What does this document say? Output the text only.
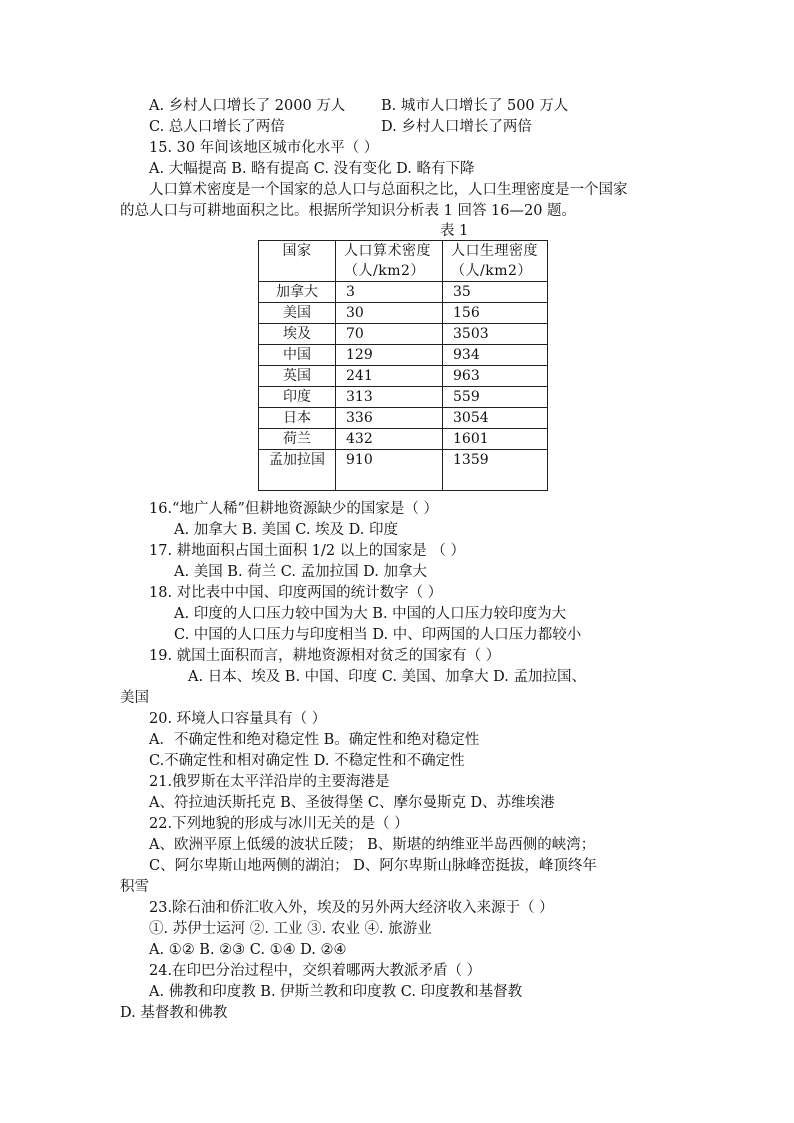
A. 乡村人口增长了 2000 万人 B. 城市人口增长了 500 万人
C. 总人口增长了两倍	D. 乡村人口增长了两倍
15. 30 年间该地区城市化水平（ ）
A. 大幅提高 B. 略有提高 C. 没有变化 D. 略有下降
人口算术密度是一个国家的总人口与总面积之比，人口生理密度是一个国家
的总人口与可耕地面积之比。根据所学知识分析表 1 回答 16—20 题。
表 1
国家	人口算术密度（人/km2）	人口生理密度（人/km2）
加拿大	3	35
美国	30	156
埃及	70	3503
中国	129	934
英国	241	963
印度	313	559
日本	336	3054
荷兰	432	1601
孟加拉国	910	1359
16.“地广人稀”但耕地资源缺少的国家是（ ）
A. 加拿大 B. 美国 C. 埃及 D. 印度
17. 耕地面积占国土面积 1/2 以上的国家是 （ ）
A. 美国 B. 荷兰 C. 孟加拉国 D. 加拿大
18. 对比表中中国、印度两国的统计数字（ ）
A. 印度的人口压力较中国为大 B. 中国的人口压力较印度为大
C. 中国的人口压力与印度相当 D. 中、印两国的人口压力都较小
19. 就国土面积而言，耕地资源相对贫乏的国家有（ ）
A. 日本、埃及 B. 中国、印度 C. 美国、加拿大 D. 孟加拉国、
美国
20. 环境人口容量具有（ ）
A．不确定性和绝对稳定性 B。确定性和绝对稳定性
C.不确定性和相对确定性 D. 不稳定性和不确定性
21.俄罗斯在太平洋沿岸的主要海港是
A、符拉迪沃斯托克 B、圣彼得堡 C、摩尔曼斯克 D、苏维埃港
22.下列地貌的形成与冰川无关的是（ ）
A、欧洲平原上低缓的波状丘陵； B、斯堪的纳维亚半岛西侧的峡湾；
C、阿尔卑斯山地两侧的湖泊； D、阿尔卑斯山脉峰峦挺拔，峰顶终年
积雪
23.除石油和侨汇收入外，埃及的另外两大经济收入来源于（ ）
①. 苏伊士运河 ②. 工业 ③. 农业 ④. 旅游业
A. ①② B. ②③ C. ①④ D. ②④
24.在印巴分治过程中，交织着哪两大教派矛盾（ ）
A. 佛教和印度教 B. 伊斯兰教和印度教 C. 印度教和基督教
D. 基督教和佛教
